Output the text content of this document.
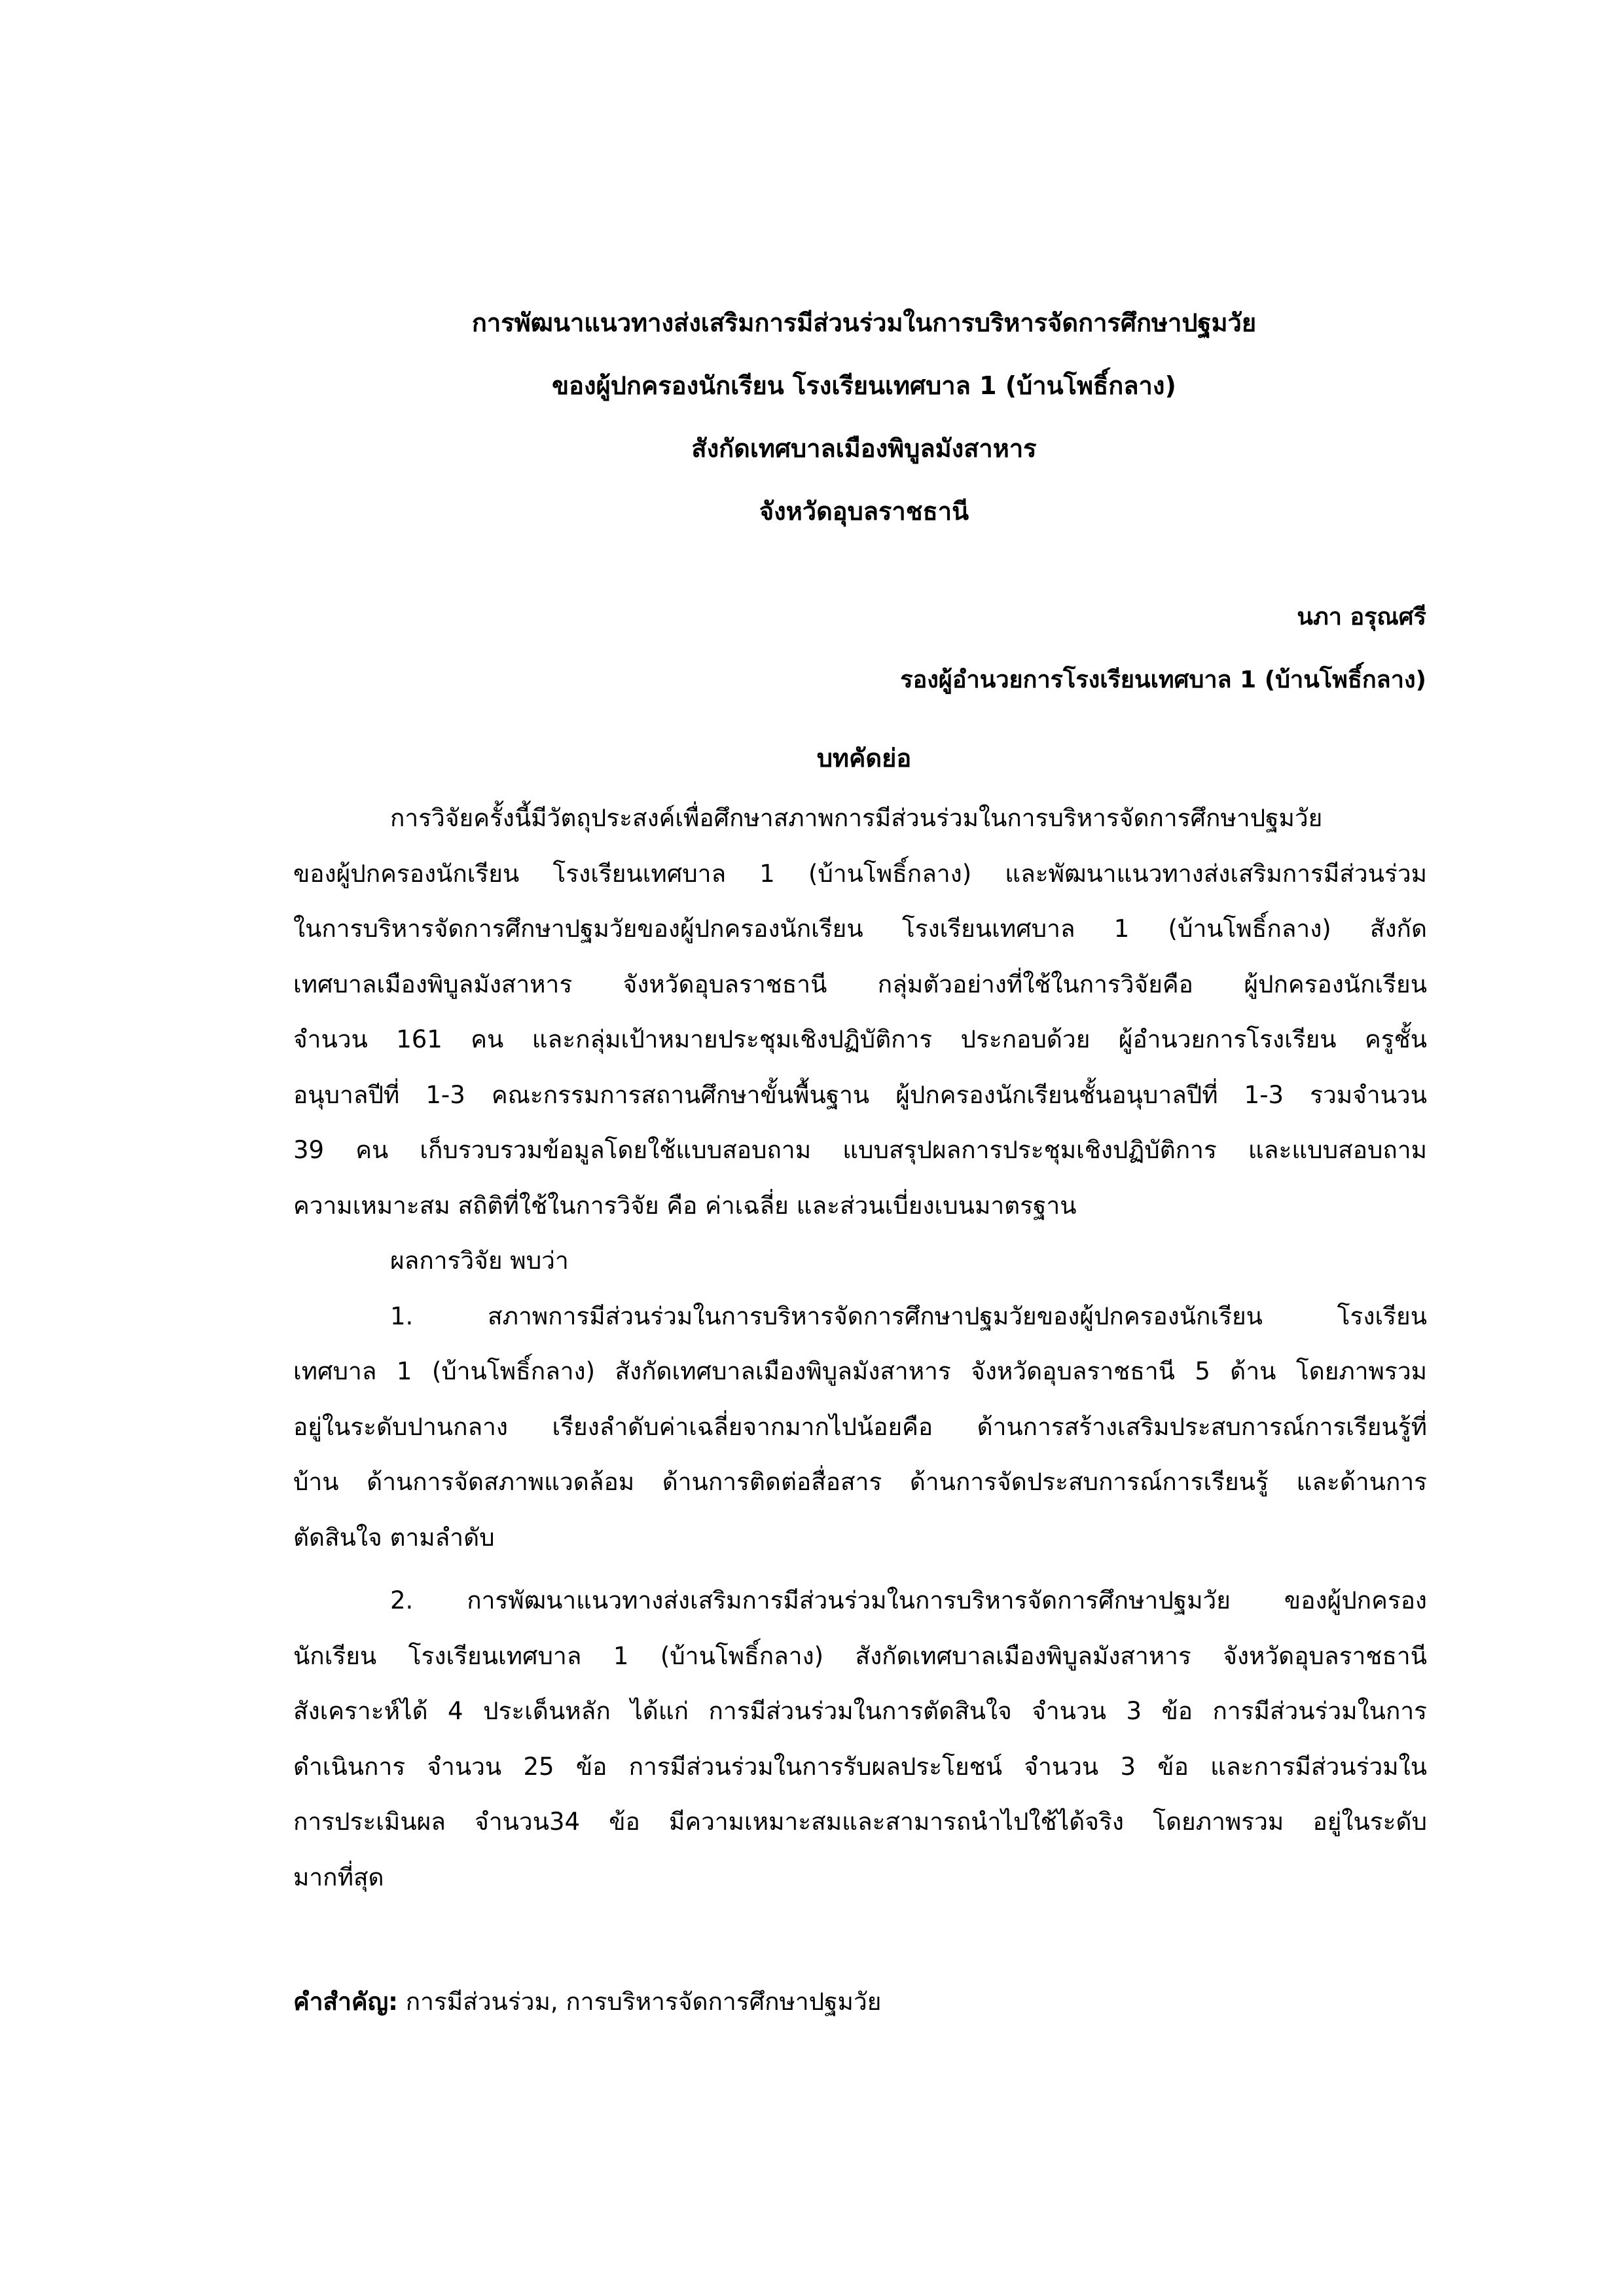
การพัฒนาแนวทางส่งเสริมการมีส่วนร่วมในการบริหารจัดการศึกษาปฐมวัย
ของผู้ปกครองนักเรียน โรงเรียนเทศบาล 1 (บ้านโพธิ์กลาง)
สังกัดเทศบาลเมืองพิบูลมังสาหาร
จังหวัดอุบลราชธานี
นภา อรุณศรี
รองผู้อำนวยการโรงเรียนเทศบาล 1 (บ้านโพธิ์กลาง)
บทคัดย่อ
การวิจัยครั้งนี้มีวัตถุประสงค์เพื่อศึกษาสภาพการมีส่วนร่วมในการบริหารจัดการศึกษาปฐมวัย
ของผู้ปกครองนักเรียน โรงเรียนเทศบาล 1 (บ้านโพธิ์กลาง) และพัฒนาแนวทางส่งเสริมการมีส่วนร่วม
ในการบริหารจัดการศึกษาปฐมวัยของผู้ปกครองนักเรียน โรงเรียนเทศบาล 1 (บ้านโพธิ์กลาง) สังกัด
เทศบาลเมืองพิบูลมังสาหาร จังหวัดอุบลราชธานี กลุ่มตัวอย่างที่ใช้ในการวิจัยคือ ผู้ปกครองนักเรียน
จำนวน 161 คน และกลุ่มเป้าหมายประชุมเชิงปฏิบัติการ ประกอบด้วย ผู้อำนวยการโรงเรียน ครูชั้น
อนุบาลปีที่ 1-3 คณะกรรมการสถานศึกษาขั้นพื้นฐาน ผู้ปกครองนักเรียนชั้นอนุบาลปีที่ 1-3 รวมจำนวน
39 คน เก็บรวบรวมข้อมูลโดยใช้แบบสอบถาม แบบสรุปผลการประชุมเชิงปฏิบัติการ และแบบสอบถาม
ความเหมาะสม สถิติที่ใช้ในการวิจัย คือ ค่าเฉลี่ย และส่วนเบี่ยงเบนมาตรฐาน
ผลการวิจัย พบว่า
1. สภาพการมีส่วนร่วมในการบริหารจัดการศึกษาปฐมวัยของผู้ปกครองนักเรียน โรงเรียน
เทศบาล 1 (บ้านโพธิ์กลาง) สังกัดเทศบาลเมืองพิบูลมังสาหาร จังหวัดอุบลราชธานี 5 ด้าน โดยภาพรวม
อยู่ในระดับปานกลาง เรียงลำดับค่าเฉลี่ยจากมากไปน้อยคือ ด้านการสร้างเสริมประสบการณ์การเรียนรู้ที่
บ้าน ด้านการจัดสภาพแวดล้อม ด้านการติดต่อสื่อสาร ด้านการจัดประสบการณ์การเรียนรู้ และด้านการ
ตัดสินใจ ตามลำดับ
2. การพัฒนาแนวทางส่งเสริมการมีส่วนร่วมในการบริหารจัดการศึกษาปฐมวัย ของผู้ปกครอง
นักเรียน โรงเรียนเทศบาล 1 (บ้านโพธิ์กลาง) สังกัดเทศบาลเมืองพิบูลมังสาหาร จังหวัดอุบลราชธานี
สังเคราะห์ได้ 4 ประเด็นหลัก ได้แก่ การมีส่วนร่วมในการตัดสินใจ จำนวน 3 ข้อ การมีส่วนร่วมในการ
ดำเนินการ จำนวน 25 ข้อ การมีส่วนร่วมในการรับผลประโยชน์ จำนวน 3 ข้อ และการมีส่วนร่วมใน
การประเมินผล จำนวน34 ข้อ มีความเหมาะสมและสามารถนำไปใช้ได้จริง โดยภาพรวม อยู่ในระดับ
มากที่สุด
คำสำคัญ: การมีส่วนร่วม, การบริหารจัดการศึกษาปฐมวัย
